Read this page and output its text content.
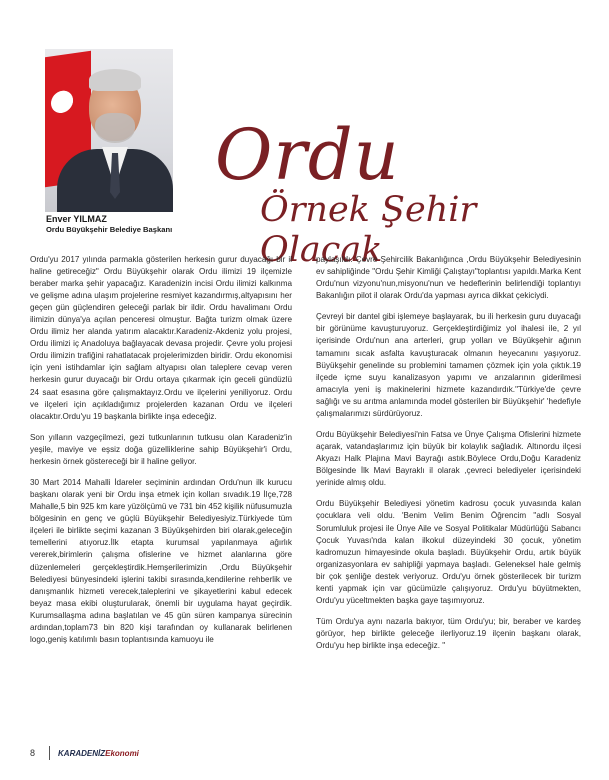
Enver YILMAZ
Ordu Büyükşehir Belediye Başkanı
Ordu
Örnek Şehir Olacak

Ordu'yu 2017 yılında parmakla gösterilen herkesin gurur duyacağı bir il haline getireceğiz" Ordu Büyükşehir olarak Ordu ilimizi 19 ilçemizle beraber marka şehir yapacağız. Karadenizin incisi Ordu ilimizi kalkınma ve gelişme adına ulaşım projelerine resmiyet kazandırmış,altyapısını her geçen gün güçlendiren geleceği parlak bir ildir. Ordu havalimanı Ordu ilimizin dünya'ya açılan penceresi olmuştur. Bağta turizm olmak üzere Ordu ilimiz her alanda yatırım alacaktır.Karadeniz-Akdeniz yolu projesi, Ordu ilimizi iç Anadoluya bağlayacak devasa projedir. Çevre yolu projesi Ordu ilimizin trafiğini rahatlatacak projelerimizden biridir. Ordu ekonomisi için yeni istihdamlar için sağlam altyapısı olan taleplere cevap veren herkesin gurur duyacağı bir Ordu ortaya çıkarmak için geceli gündüzlü 24 saat esasına göre çalışmaktayız.Ordu ve ilçelerini yeniliyoruz. Ordu ve ilçeleri için açıkladığımız projelerden kazanan Ordu ve ilçeleri olacaktır.Ordu'yu 19 başkanla birlikte inşa edeceğiz.

Son yılların vazgeçilmezi, gezi tutkunlarının tutkusu olan Karadeniz'in yeşile, maviye ve eşsiz doğa güzelliklerine sahip Büyükşehir'i Ordu, herkesin örnek göstereceği bir il haline geliyor.

30 Mart 2014 Mahalli İdareler seçiminin ardından Ordu'nun ilk kurucu başkanı olarak yeni bir Ordu inşa etmek için kolları sıvadık.19 İlçe,728 Mahalle,5 bin 925 km kare yüzölçümü ve 731 bin 452 kişilik nüfusumuzla bölgesinin en genç ve güçlü Büyükşehir Belediyesiyiz.Türkiyede tüm ilçeleri ile birlikte seçimi kazanan 3 Büyükşehirden biri olarak,geleceğin temellerini atıyoruz.İlk etapta kurumsal yapılanmaya ağırlık vererek,birimlerin çalışma ofislerine ve hizmet alanlarına göre düzenlemeleri gerçekleştirdik.Hemşerilerimizin ,Ordu Büyükşehir Belediyesi bünyesindeki işlerini takibi sırasında,kendilerine rehberlik ve danışmanlık hizmeti verecek,taleplerini ve şikayetlerini kabul edecek beyaz masa ekibi oluşturularak, önemli bir uygulama hayat geçirdik. Kurumsallaşma adına başlatılan ve 45 gün süren kampanya sürecinin ardından,toplam73 bin 820 kişi tarafından oy kullanarak belirlenen logo,geniş katılımlı basın toplantısında kamuoyu ile

paylaşıldı. Çevre Şehircilik Bakanlığınca ,Ordu Büyükşehir Belediyesinin ev sahipliğinde "Ordu Şehir Kimliği Çalıştayı"toplantısı yapıldı.Marka Kent Ordu'nun vizyonu'nun,misyonu'nun ve hedeflerinin belirlendiği toplantıyı Bakanlığın pilot il olarak Ordu'da yapması ayrıca dikkat çekiciydi.

Çevreyi bir dantel gibi işlemeye başlayarak, bu ili herkesin guru duyacağı bir görünüme kavuşturuyoruz. Gerçekleştirdiğimiz yol ihalesi ile, 2 yıl içerisinde Ordu'nun ana arterleri, grup yolları ve Büyükşehir ağının tamamını sıcak asfalta kavuşturacak olmanın heyecanını yaşıyoruz. Büyükşehir genelinde su problemini tamamen çözmek için yola çıktık.19 ilçede içme suyu kanalizasyon yapımı ve arızalarının giderilmesi amacıyla yeni iş makinelerini hizmete kazandırdık."Türkiye'de çevre sağlığı ve su arıtma anlamında model gösterilen bir Büyükşehir' 'hedefiyle çalışmalarımızı sürdürüyoruz.

Ordu Büyükşehir Belediyesi'nin Fatsa ve Ünye Çalışma Ofislerini hizmete açarak, vatandaşlarımız için büyük bir kolaylık sağladık. Altınordu ilçesi Akyazı Halk Plajına Mavi Bayrağı astık.Böylece Ordu,Doğu Karadeniz Bölgesinde İlk Mavi Bayraklı il olarak ,çevreci belediyeler içerisindeki yerinide almış oldu.

Ordu Büyükşehir Belediyesi yönetim kadrosu çocuk yuvasında kalan çocuklara veli oldu. 'Benim Velim Benim Öğrencim ''adlı Sosyal Sorumluluk projesi ile Ünye Aile ve Sosyal Politikalar Müdürlüğü Sabancı Çocuk Yuvası'nda kalan ilkokul düzeyindeki 30 çocuk, yönetim kadromuzun himayesinde okula başladı. Büyükşehir Ordu, artık büyük organizasyonlara ev sahipliği yapmaya başladı. Geleneksel hale gelmiş bir çok şenliğe destek veriyoruz. Ordu'yu örnek gösterilecek bir turizm kenti yapmak için var gücümüzle çalışıyoruz. Ordu'yu büyütmekten, Ordu'yu yüceltmekten başka gaye taşımıyoruz.

Tüm Ordu'ya aynı nazarla bakıyor, tüm Ordu'yu; bir, beraber ve kardeş görüyor, hep birlikte geleceğe ilerliyoruz.19 ilçenin başkanı olarak, Ordu'yu hep birlikte inşa edeceğiz. "

8	KARADENİZEkonomi
